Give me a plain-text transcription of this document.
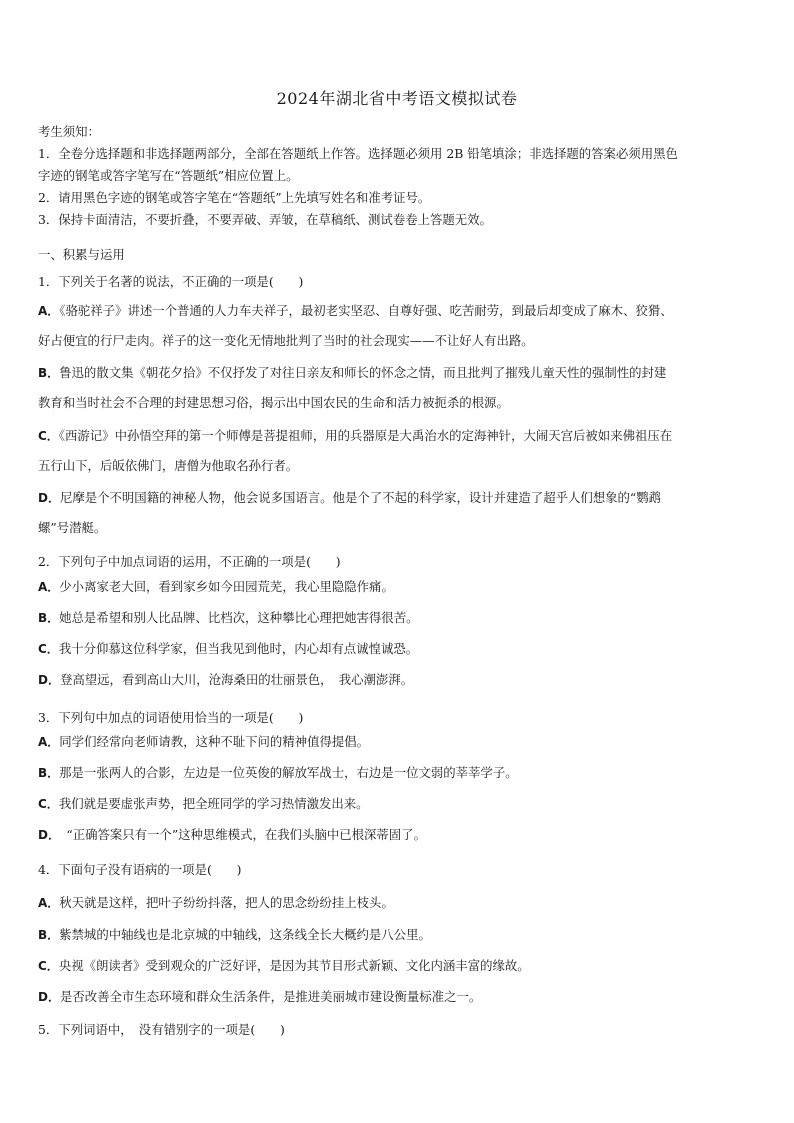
2024年湖北省中考语文模拟试卷
考生须知：
1．全卷分选择题和非选择题两部分，全部在答题纸上作答。选择题必须用 2B 铅笔填涂；非选择题的答案必须用黑色
字迹的钢笔或答字笔写在“答题纸”相应位置上。
2．请用黑色字迹的钢笔或答字笔在“答题纸”上先填写姓名和准考证号。
3．保持卡面清洁，不要折叠，不要弄破、弄皱，在草稿纸、测试卷卷上答题无效。
一、积累与运用
1．下列关于名著的说法，不正确的一项是(　　)
A．《骆驼祥子》讲述一个普通的人力车夫祥子，最初老实坚忍、自尊好强、吃苦耐劳，到最后却变成了麻木、狡猾、
好占便宜的行尸走肉。祥子的这一变化无情地批判了当时的社会现实——不让好人有出路。
B．鲁迅的散文集《朝花夕拾》不仅抒发了对往日亲友和师长的怀念之情，而且批判了摧残儿童天性的强制性的封建
教育和当时社会不合理的封建思想习俗，揭示出中国农民的生命和活力被扼杀的根源。
C．《西游记》中孙悟空拜的第一个师傅是菩提祖师，用的兵器原是大禹治水的定海神针，大闹天宫后被如来佛祖压在
五行山下，后皈依佛门，唐僧为他取名孙行者。
D．尼摩是个不明国籍的神秘人物，他会说多国语言。他是个了不起的科学家，设计并建造了超乎人们想象的“鹦鹉
螺”号潜艇。
2．下列句子中加点词语的运用，不正确的一项是(　　)
A．少小离家老大回，看到家乡如今田园荒芜，我心里隐隐作痛。
B．她总是希望和别人比品牌、比档次，这种攀比心理把她害得很苦。
C．我十分仰慕这位科学家，但当我见到他时，内心却有点诚惶诚恐。
D．登高望远，看到高山大川，沧海桑田的壮丽景色，　我心潮澎湃。
3．下列句中加点的词语使用恰当的一项是(　　)
A．同学们经常向老师请教，这种不耻下问的精神值得提倡。
B．那是一张两人的合影，左边是一位英俊的解放军战士，右边是一位文弱的莘莘学子。
C．我们就是要虚张声势，把全班同学的学习热情激发出来。
D．　“正确答案只有一个”这种思维模式，在我们头脑中已根深蒂固了。
4．下面句子没有语病的一项是(　　)
A．秋天就是这样，把叶子纷纷抖落，把人的思念纷纷挂上枝头。
B．紫禁城的中轴线也是北京城的中轴线，这条线全长大概约是八公里。
C．央视《朗读者》受到观众的广泛好评，是因为其节目形式新颖、文化内涵丰富的缘故。
D．是否改善全市生态环境和群众生活条件，是推进美丽城市建设衡量标准之一。
5．下列词语中，　没有错别字的一项是(　　)
